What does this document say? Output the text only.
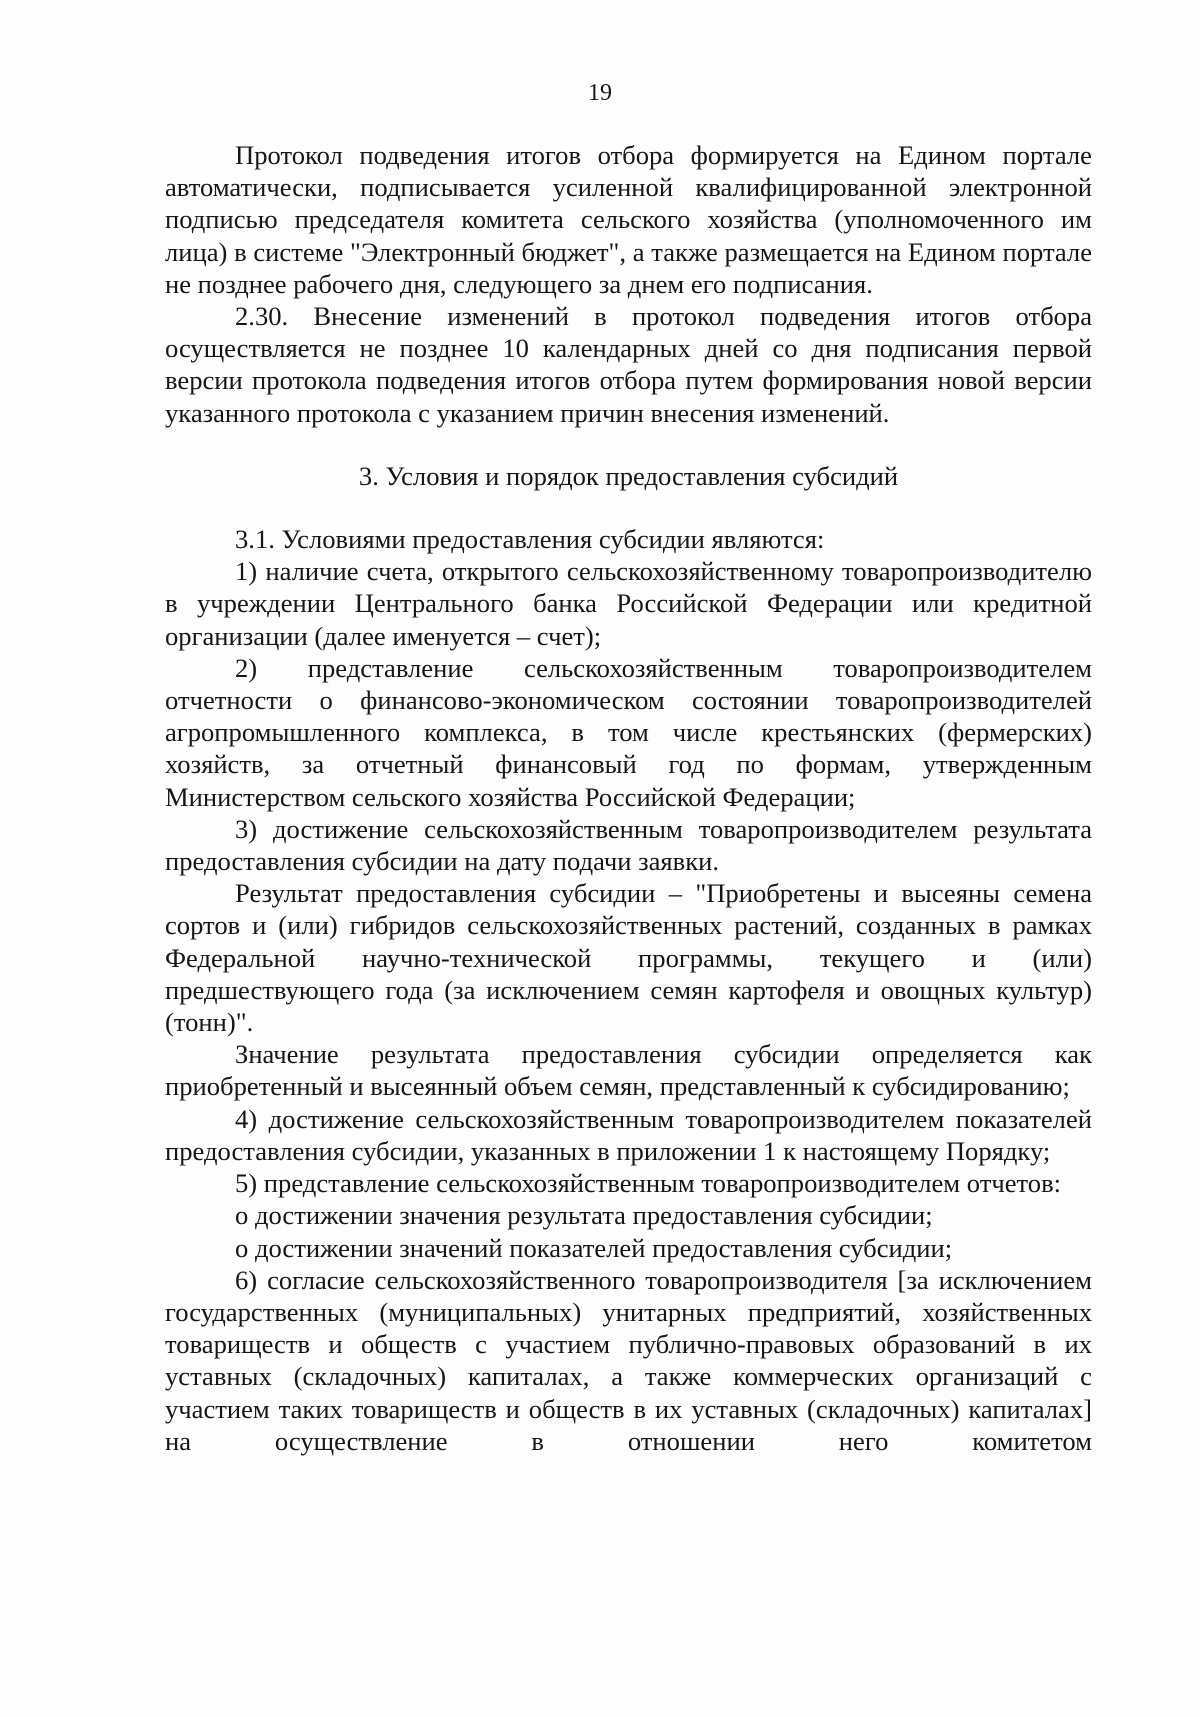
19

Протокол подведения итогов отбора формируется на Едином портале автоматически, подписывается усиленной квалифицированной электронной подписью председателя комитета сельского хозяйства (уполномоченного им лица) в системе "Электронный бюджет", а также размещается на Едином портале не позднее рабочего дня, следующего за днем его подписания.

2.30. Внесение изменений в протокол подведения итогов отбора осуществляется не позднее 10 календарных дней со дня подписания первой версии протокола подведения итогов отбора путем формирования новой версии указанного протокола с указанием причин внесения изменений.

3. Условия и порядок предоставления субсидий

3.1. Условиями предоставления субсидии являются:

1) наличие счета, открытого сельскохозяйственному товаропроизводителю в учреждении Центрального банка Российской Федерации или кредитной организации (далее именуется – счет);

2) представление сельскохозяйственным товаропроизводителем отчетности о финансово-экономическом состоянии товаропроизводителей агропромышленного комплекса, в том числе крестьянских (фермерских) хозяйств, за отчетный финансовый год по формам, утвержденным Министерством сельского хозяйства Российской Федерации;

3) достижение сельскохозяйственным товаропроизводителем результата предоставления субсидии на дату подачи заявки.

Результат предоставления субсидии – "Приобретены и высеяны семена сортов и (или) гибридов сельскохозяйственных растений, созданных в рамках Федеральной научно-технической программы, текущего и (или) предшествующего года (за исключением семян картофеля и овощных культур) (тонн)".

Значение результата предоставления субсидии определяется как приобретенный и высеянный объем семян, представленный к субсидированию;

4) достижение сельскохозяйственным товаропроизводителем показателей предоставления субсидии, указанных в приложении 1 к настоящему Порядку;

5) представление сельскохозяйственным товаропроизводителем отчетов:

о достижении значения результата предоставления субсидии;

о достижении значений показателей предоставления субсидии;

6) согласие сельскохозяйственного товаропроизводителя [за исключением государственных (муниципальных) унитарных предприятий, хозяйственных товариществ и обществ с участием публично-правовых образований в их уставных (складочных) капиталах, а также коммерческих организаций с участием таких товариществ и обществ в их уставных (складочных) капиталах] на осуществление в отношении него комитетом
